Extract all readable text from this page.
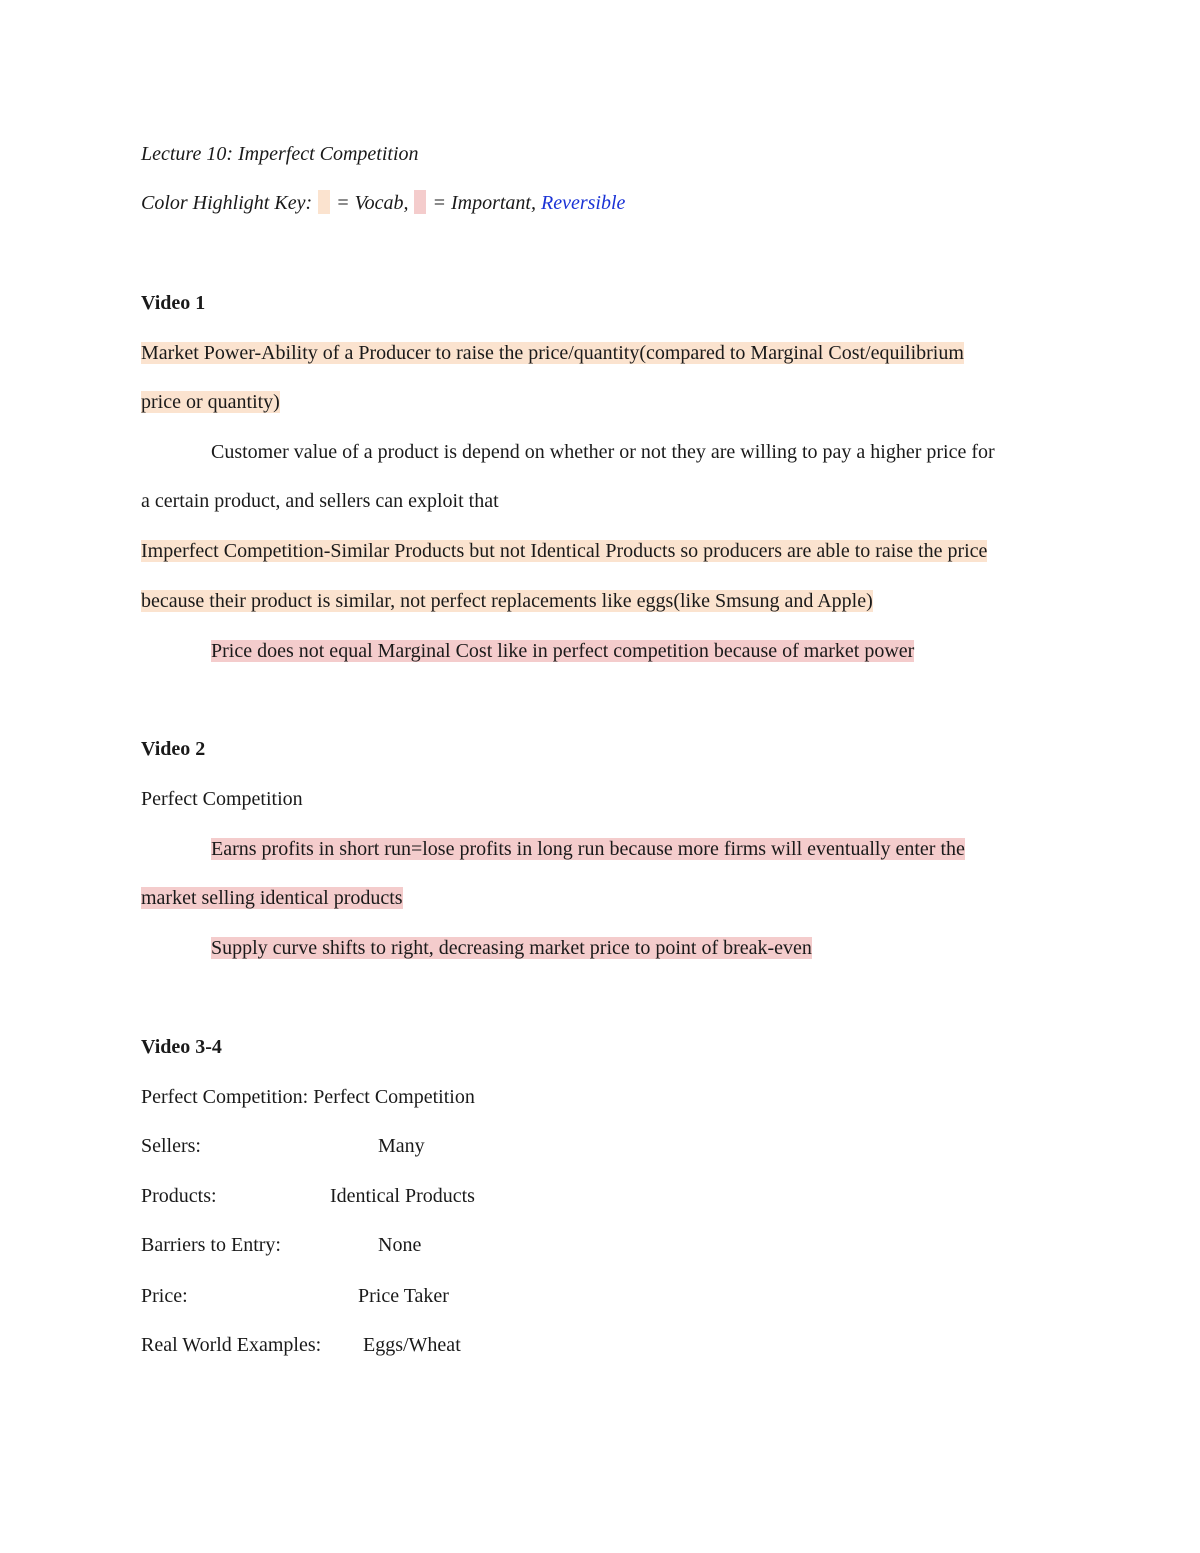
Lecture 10: Imperfect Competition
Color Highlight Key: = Vocab, = Important, Reversible
Video 1
Market Power-Ability of a Producer to raise the price/quantity(compared to Marginal Cost/equilibrium
price or quantity)
Customer value of a product is depend on whether or not they are willing to pay a higher price for
a certain product, and sellers can exploit that
Imperfect Competition-Similar Products but not Identical Products so producers are able to raise the price
because their product is similar, not perfect replacements like eggs(like Smsung and Apple)
Price does not equal Marginal Cost like in perfect competition because of market power
Video 2
Perfect Competition
Earns profits in short run=lose profits in long run because more firms will eventually enter the
market selling identical products
Supply curve shifts to right, decreasing market price to point of break-even
Video 3-4
Perfect Competition: Perfect Competition
Sellers:	Many
Products:	Identical Products
Barriers to Entry:	None
Price:	Price Taker
Real World Examples: Eggs/Wheat
